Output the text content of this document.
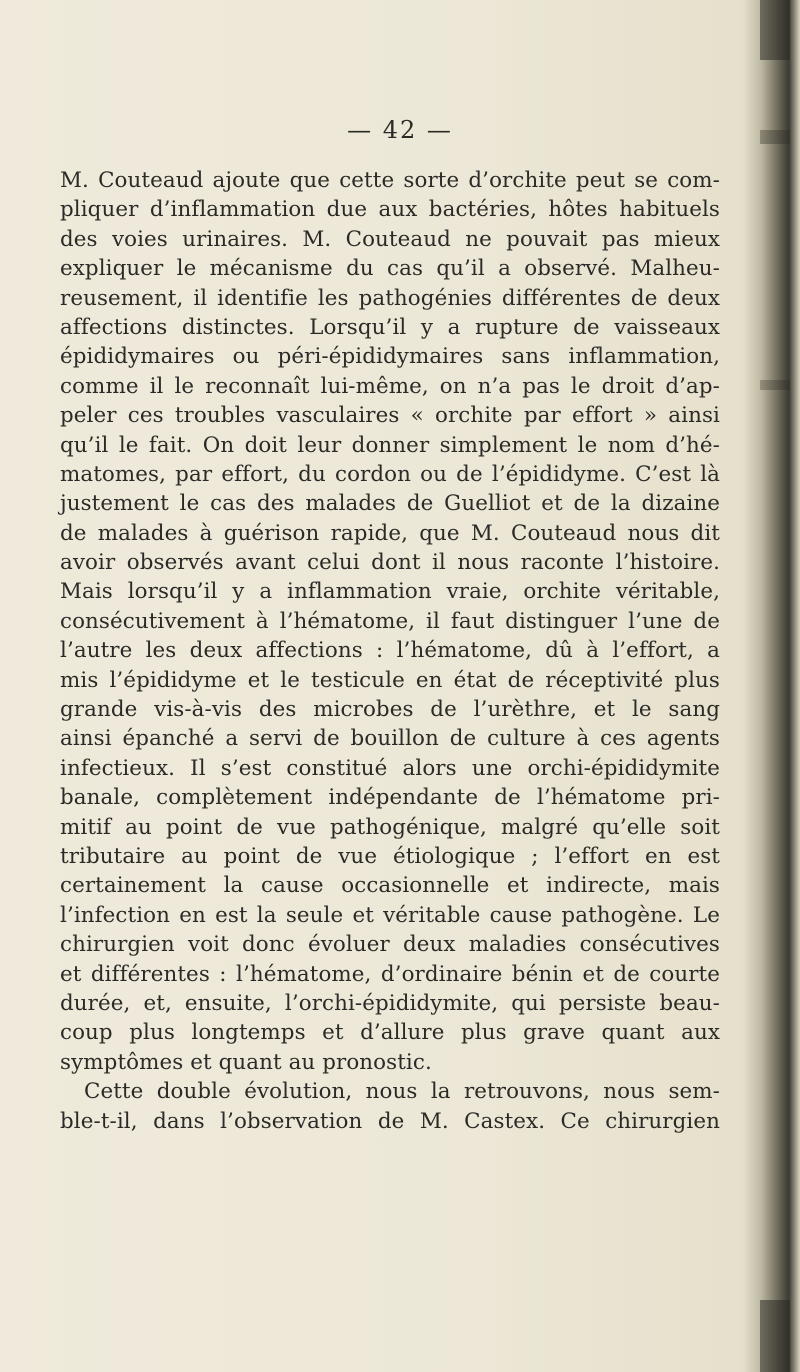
— 42 —
M. Couteaud ajoute que cette sorte d’orchite peut se com-
pliquer d’inflammation due aux bactéries, hôtes habituels
des voies urinaires. M. Couteaud ne pouvait pas mieux
expliquer le mécanisme du cas qu’il a observé. Malheu-
reusement, il identifie les pathogénies différentes de deux
affections distinctes. Lorsqu’il y a rupture de vaisseaux
épididymaires ou péri-épididymaires sans inflammation,
comme il le reconnaît lui-même, on n’a pas le droit d’ap-
peler ces troubles vasculaires « orchite par effort » ainsi
qu’il le fait. On doit leur donner simplement le nom d’hé-
matomes, par effort, du cordon ou de l’épididyme. C’est là
justement le cas des malades de Guelliot et de la dizaine
de malades à guérison rapide, que M. Couteaud nous dit
avoir observés avant celui dont il nous raconte l’histoire.
Mais lorsqu’il y a inflammation vraie, orchite véritable,
consécutivement à l’hématome, il faut distinguer l’une de
l’autre les deux affections : l’hématome, dû à l’effort, a
mis l’épididyme et le testicule en état de réceptivité plus
grande vis-à-vis des microbes de l’urèthre, et le sang
ainsi épanché a servi de bouillon de culture à ces agents
infectieux. Il s’est constitué alors une orchi-épididymite
banale, complètement indépendante de l’hématome pri-
mitif au point de vue pathogénique, malgré qu’elle soit
tributaire au point de vue étiologique ; l’effort en est
certainement la cause occasionnelle et indirecte, mais
l’infection en est la seule et véritable cause pathogène. Le
chirurgien voit donc évoluer deux maladies consécutives
et différentes : l’hématome, d’ordinaire bénin et de courte
durée, et, ensuite, l’orchi-épididymite, qui persiste beau-
coup plus longtemps et d’allure plus grave quant aux
symptômes et quant au pronostic.
Cette double évolution, nous la retrouvons, nous sem-
ble-t-il, dans l’observation de M. Castex. Ce chirurgien
